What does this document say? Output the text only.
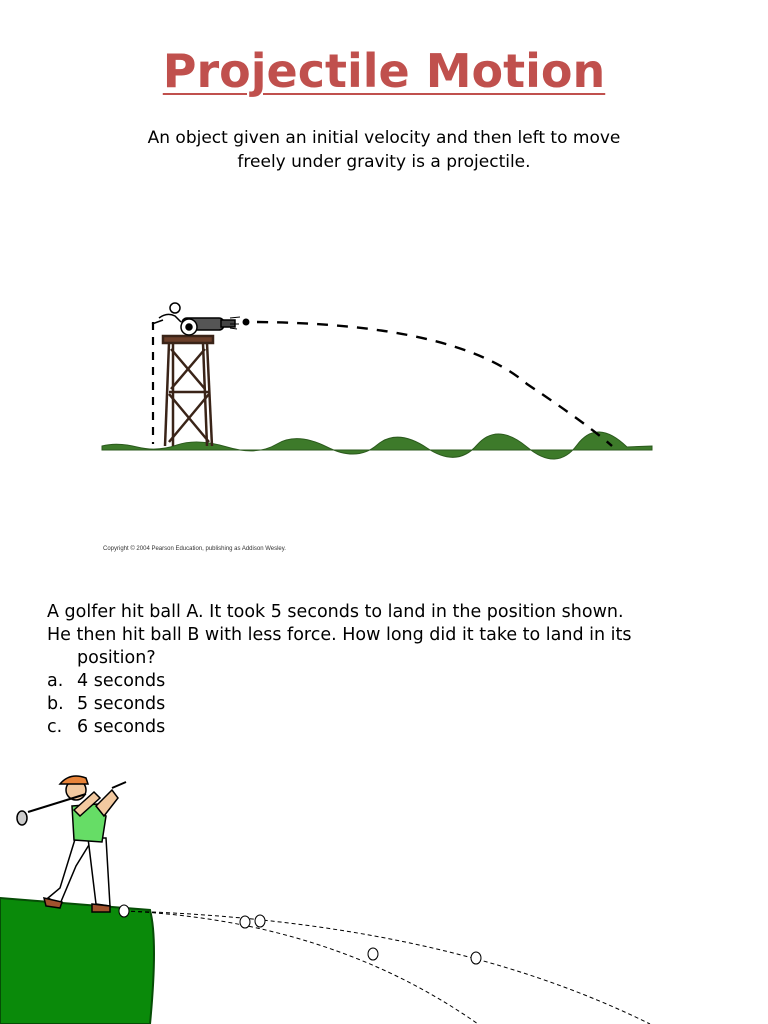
Projectile Motion
An object given an initial velocity and then left to move
freely under gravity is a projectile.
Copyright © 2004 Pearson Education, publishing as Addison Wesley.

A golfer hit ball A. It took 5 seconds to land in the position shown.

He then hit ball B with less force. How long did it take to land in its

position?

a. 4 seconds
b. 5 seconds
c. 6 seconds
